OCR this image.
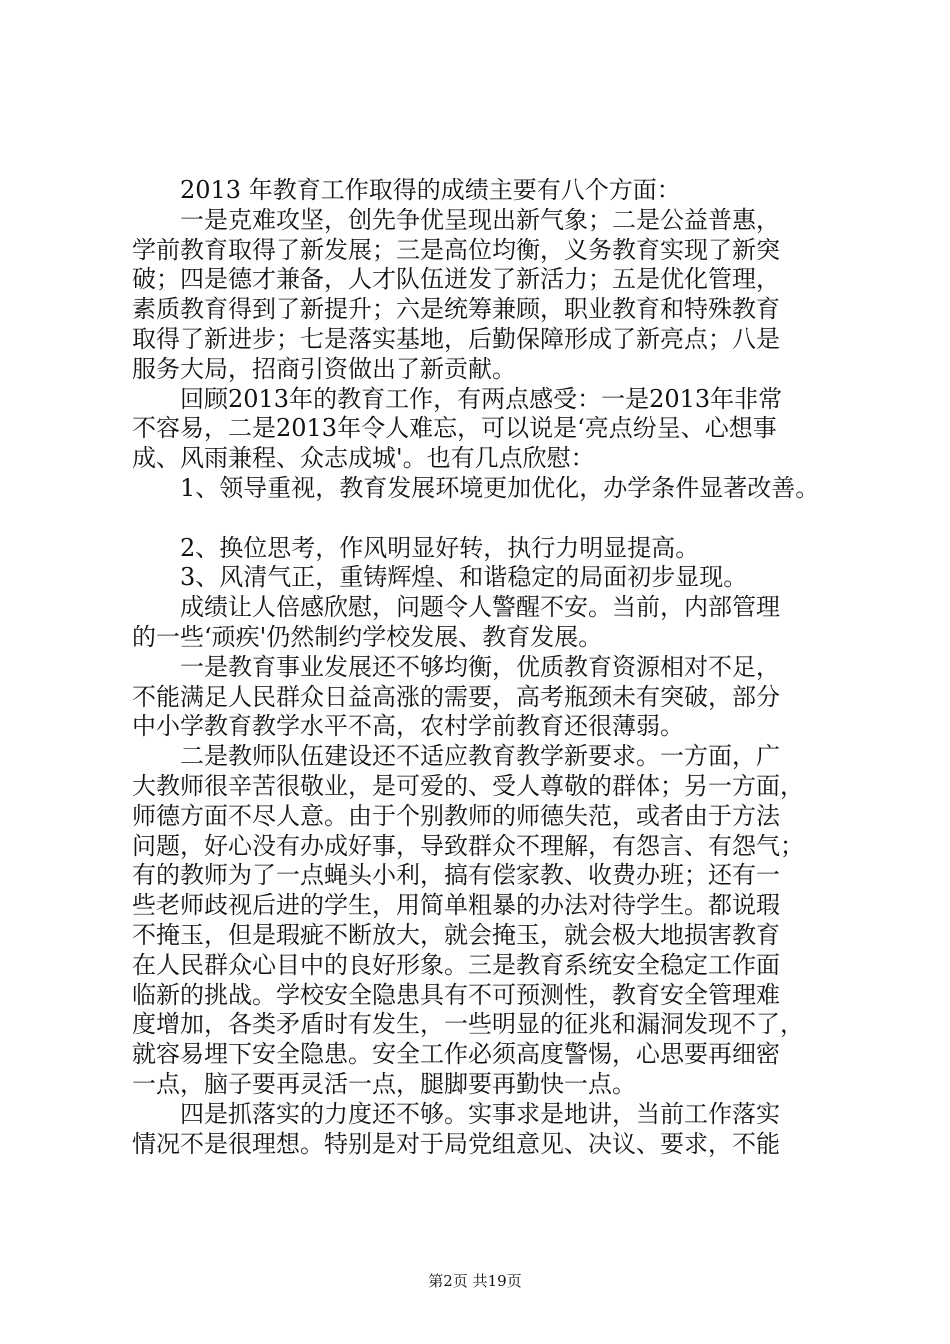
　　2013 年教育工作取得的成绩主要有八个方面：
　　一是克难攻坚，创先争优呈现出新气象；二是公益普惠，
学前教育取得了新发展；三是高位均衡，义务教育实现了新突
破；四是德才兼备，人才队伍迸发了新活力；五是优化管理，
素质教育得到了新提升；六是统筹兼顾，职业教育和特殊教育
取得了新进步；七是落实基地，后勤保障形成了新亮点；八是
服务大局，招商引资做出了新贡献。
　　回顾2013年的教育工作，有两点感受：一是2013年非常
不容易，二是2013年令人难忘，可以说是‘亮点纷呈、心想事
成、风雨兼程、众志成城'。也有几点欣慰：
　　1、领导重视，教育发展环境更加优化，办学条件显著改善。
　　2、换位思考，作风明显好转，执行力明显提高。
　　3、风清气正，重铸辉煌、和谐稳定的局面初步显现。
　　成绩让人倍感欣慰，问题令人警醒不安。当前，内部管理
的一些‘顽疾'仍然制约学校发展、教育发展。
　　一是教育事业发展还不够均衡，优质教育资源相对不足，
不能满足人民群众日益高涨的需要，高考瓶颈未有突破，部分
中小学教育教学水平不高，农村学前教育还很薄弱。
　　二是教师队伍建设还不适应教育教学新要求。一方面，广
大教师很辛苦很敬业，是可爱的、受人尊敬的群体；另一方面，
师德方面不尽人意。由于个别教师的师德失范，或者由于方法
问题，好心没有办成好事，导致群众不理解，有怨言、有怨气；
有的教师为了一点蝇头小利，搞有偿家教、收费办班；还有一
些老师歧视后进的学生，用简单粗暴的办法对待学生。都说瑕
不掩玉，但是瑕疵不断放大，就会掩玉，就会极大地损害教育
在人民群众心目中的良好形象。三是教育系统安全稳定工作面
临新的挑战。学校安全隐患具有不可预测性，教育安全管理难
度增加，各类矛盾时有发生，一些明显的征兆和漏洞发现不了，
就容易埋下安全隐患。安全工作必须高度警惕，心思要再细密
一点，脑子要再灵活一点，腿脚要再勤快一点。
　　四是抓落实的力度还不够。实事求是地讲，当前工作落实
情况不是很理想。特别是对于局党组意见、决议、要求，不能
第2页 共19页
